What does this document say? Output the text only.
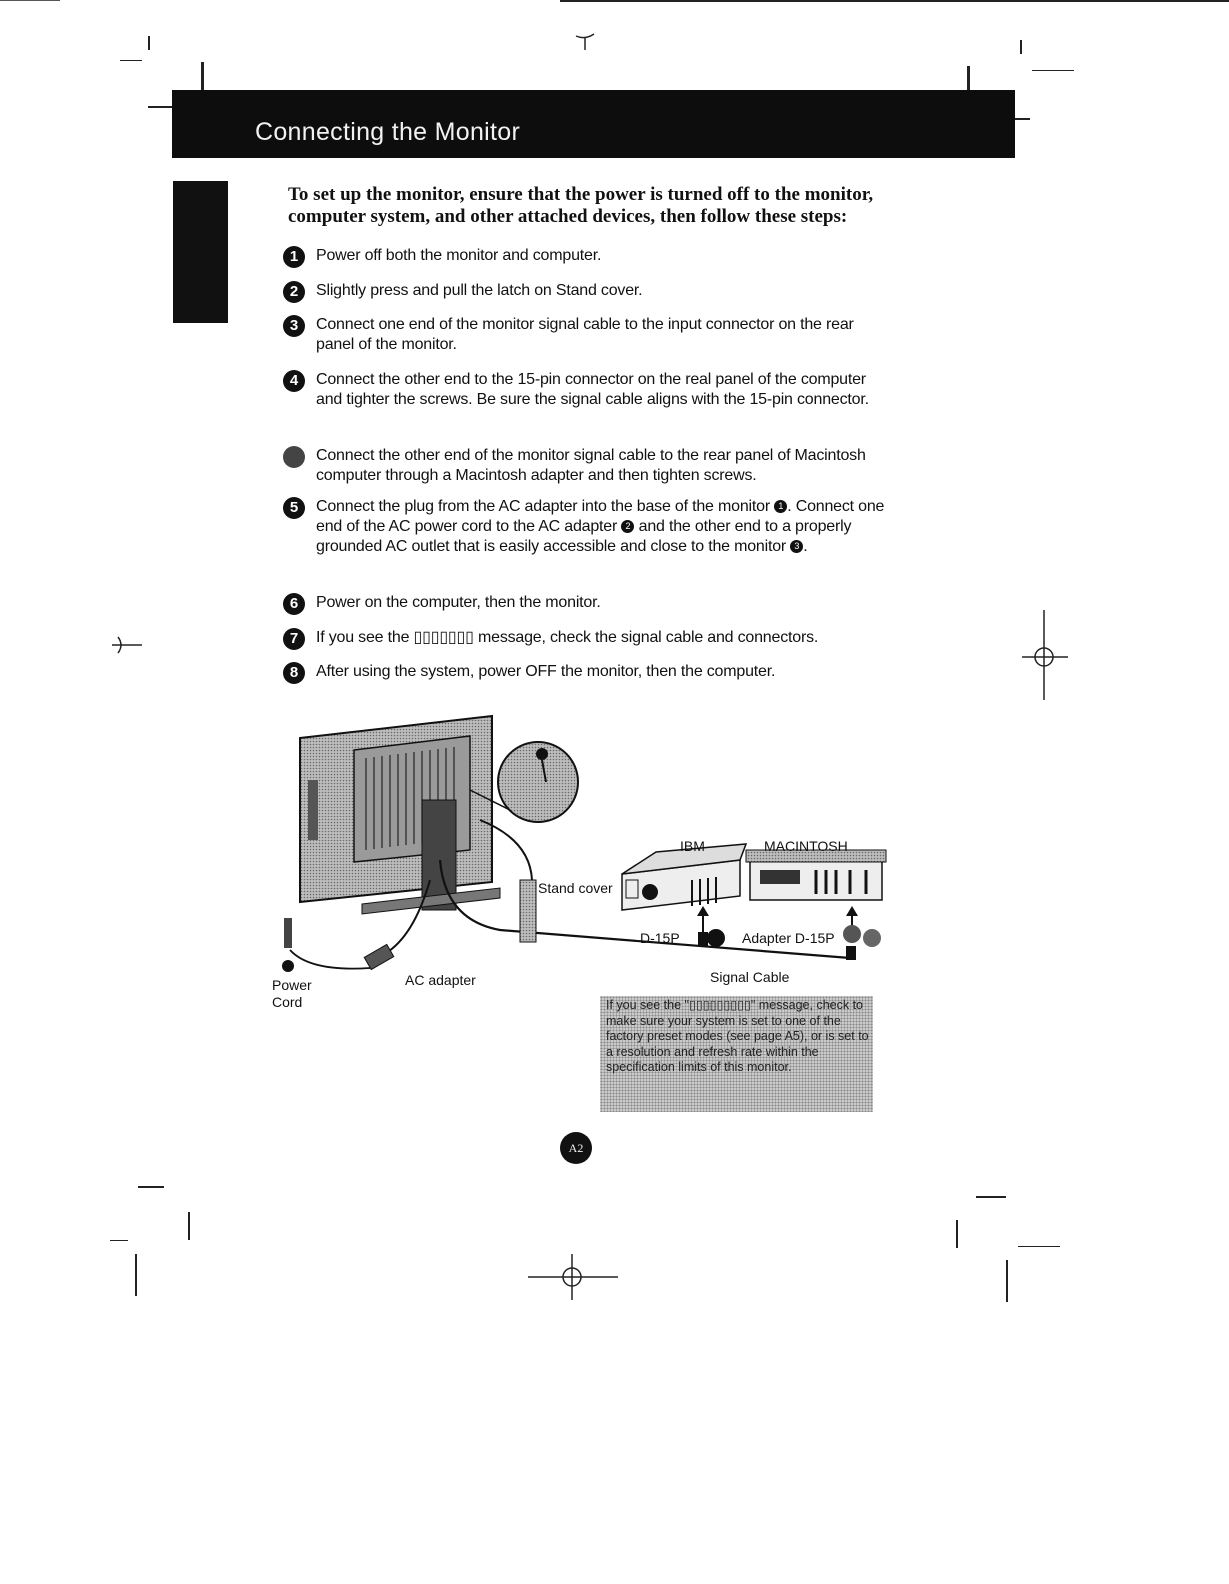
Connecting the Monitor
To set up the monitor, ensure that the power is turned off to the monitor, computer system, and other attached devices, then follow these steps:
1	Power off both the monitor and computer.
2	Slightly press and pull the latch on Stand cover.
3	Connect one end of the monitor signal cable to the input connector on the rear panel of the monitor.
4	Connect the other end to the 15-pin connector on the real panel of the computer and tighter the screws. Be sure the signal cable aligns with the 15-pin connector.
Connect the other end of the monitor signal cable to the rear panel of Macintosh computer through a Macintosh adapter and then tighten screws.
5	Connect the plug from the AC adapter into the base of the monitor 1 . Connect one end of the AC power cord to the AC adapter 2 and the other end to a properly grounded AC outlet that is easily accessible and close to the monitor 3 .
6	Power on the computer, then the monitor.
7	If you see the ▯▯▯▯▯▯▯ message, check the signal cable and connectors.
8	After using the system, power OFF the monitor, then the computer.
IBM	MACINTOSH
Stand cover
D-15P	Adapter D-15P
Signal Cable
Power Cord
AC adapter
If you see the "▯▯▯▯▯▯▯▯▯" message, check to make sure your system is set to one of the factory preset modes (see page A5), or is set to a resolution and refresh rate within the specification limits of this monitor.
A2
